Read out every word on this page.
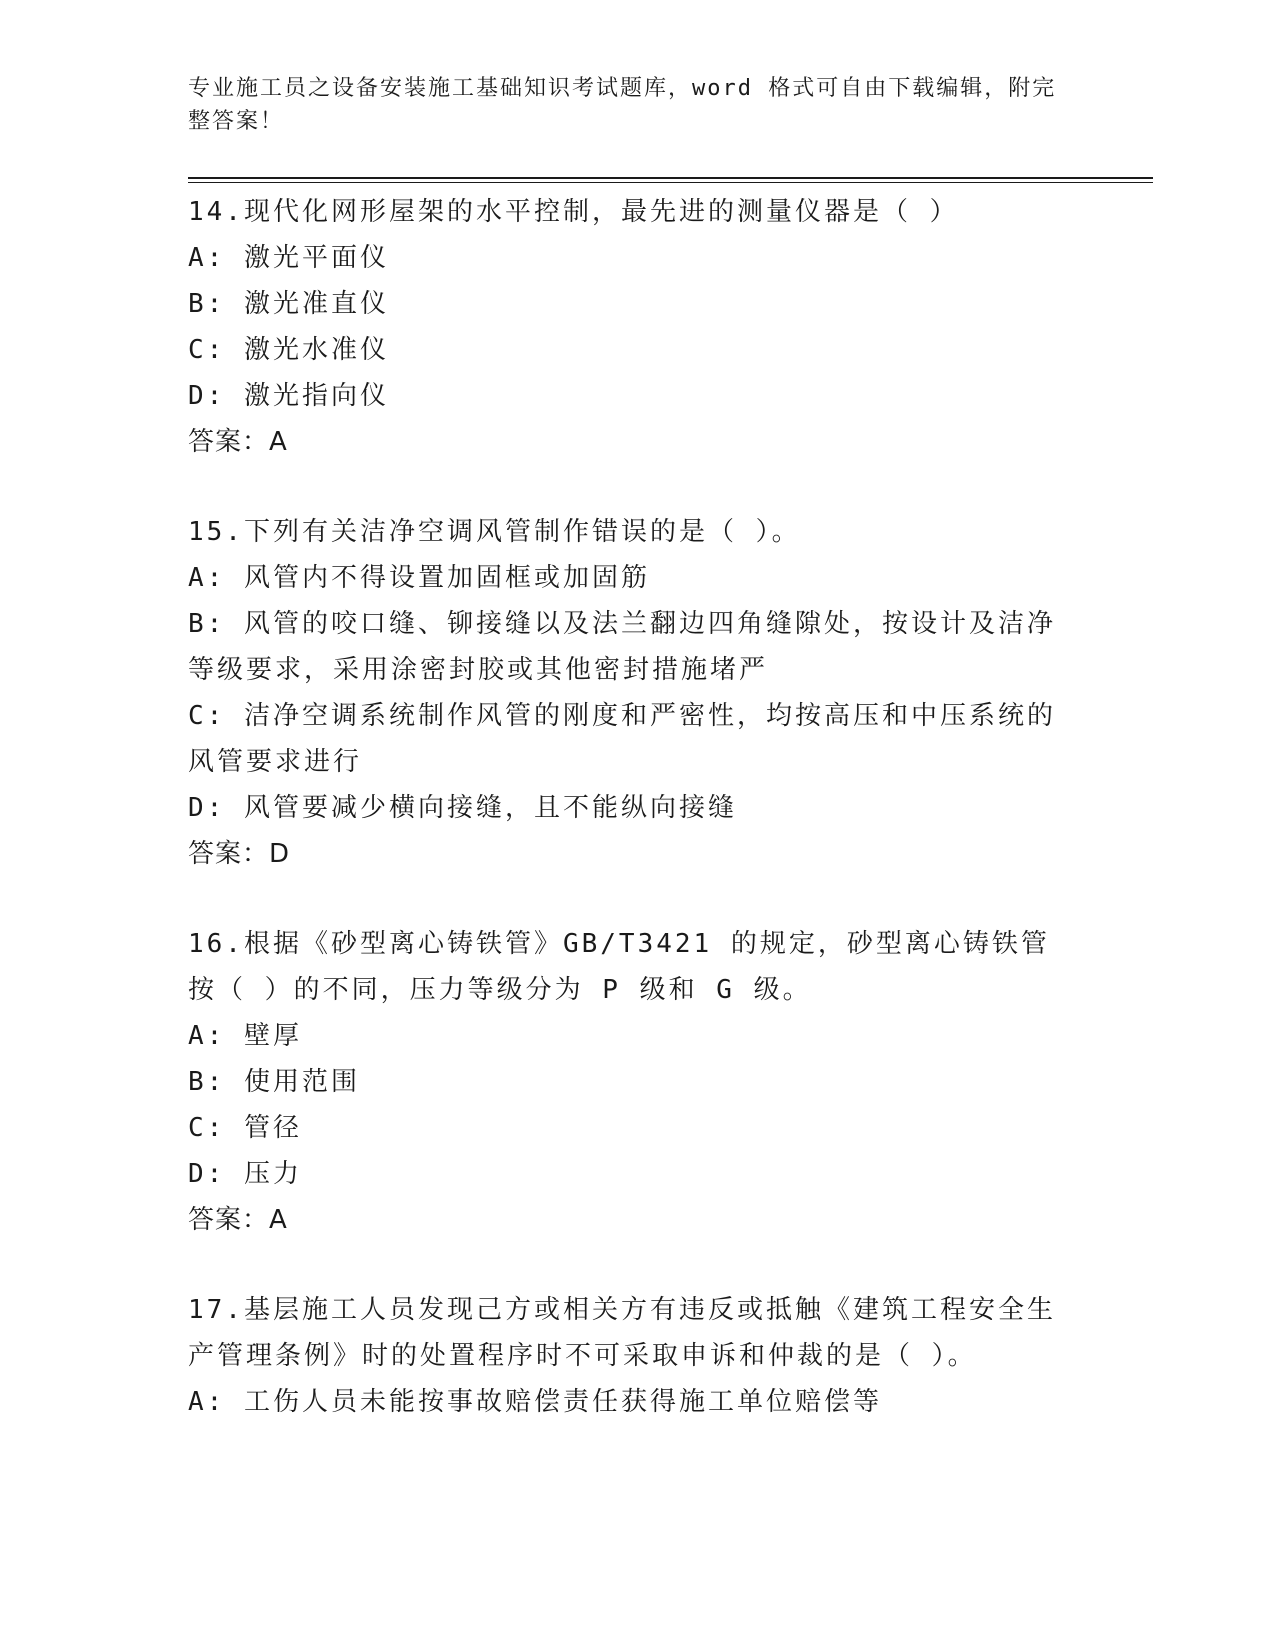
专业施工员之设备安装施工基础知识考试题库，word 格式可自由下载编辑，附完整答案！
14.现代化网形屋架的水平控制，最先进的测量仪器是（ ）
A: 激光平面仪
B: 激光准直仪
C: 激光水准仪
D: 激光指向仪
答案：A
15.下列有关洁净空调风管制作错误的是（ ）。
A: 风管内不得设置加固框或加固筋
B: 风管的咬口缝、铆接缝以及法兰翻边四角缝隙处，按设计及洁净等级要求，采用涂密封胶或其他密封措施堵严
C: 洁净空调系统制作风管的刚度和严密性，均按高压和中压系统的风管要求进行
D: 风管要减少横向接缝，且不能纵向接缝
答案：D
16.根据《砂型离心铸铁管》GB/T3421 的规定，砂型离心铸铁管按（ ）的不同，压力等级分为 P 级和 G 级。
A: 壁厚
B: 使用范围
C: 管径
D: 压力
答案：A
17.基层施工人员发现己方或相关方有违反或抵触《建筑工程安全生产管理条例》时的处置程序时不可采取申诉和仲裁的是（ ）。
A: 工伤人员未能按事故赔偿责任获得施工单位赔偿等
